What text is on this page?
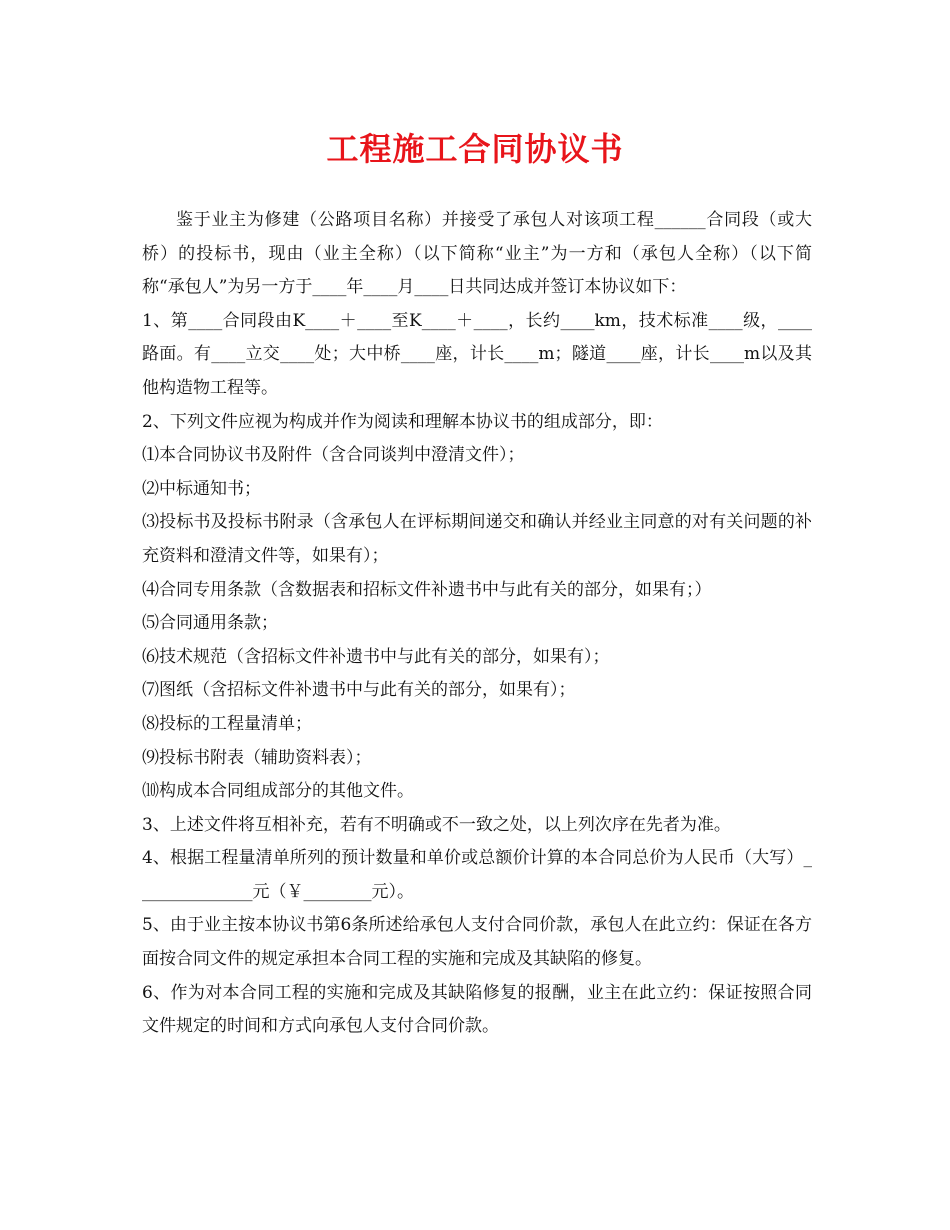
工程施工合同协议书

鉴于业主为修建（公路项目名称）并接受了承包人对该项工程______合同段（或大桥）的投标书，现由（业主全称）（以下简称“业主”为一方和（承包人全称）（以下简称“承包人”为另一方于____年____月____日共同达成并签订本协议如下：

1、第____合同段由K____＋____至K____＋____，长约____km，技术标准____级，____路面。有____立交____处；大中桥____座，计长____m；隧道____座，计长____m以及其他构造物工程等。

2、下列文件应视为构成并作为阅读和理解本协议书的组成部分，即：

⑴本合同协议书及附件（含合同谈判中澄清文件）；

⑵中标通知书；

⑶投标书及投标书附录（含承包人在评标期间递交和确认并经业主同意的对有关问题的补充资料和澄清文件等，如果有）；

⑷合同专用条款（含数据表和招标文件补遗书中与此有关的部分，如果有；）

⑸合同通用条款；

⑹技术规范（含招标文件补遗书中与此有关的部分，如果有）；

⑺图纸（含招标文件补遗书中与此有关的部分，如果有）；

⑻投标的工程量清单；

⑼投标书附表（辅助资料表）；

⑽构成本合同组成部分的其他文件。

3、上述文件将互相补充，若有不明确或不一致之处，以上列次序在先者为准。

4、根据工程量清单所列的预计数量和单价或总额价计算的本合同总价为人民币（大写）______________元（￥________元）。

5、由于业主按本协议书第6条所述给承包人支付合同价款，承包人在此立约：保证在各方面按合同文件的规定承担本合同工程的实施和完成及其缺陷的修复。

6、作为对本合同工程的实施和完成及其缺陷修复的报酬，业主在此立约：保证按照合同文件规定的时间和方式向承包人支付合同价款。
